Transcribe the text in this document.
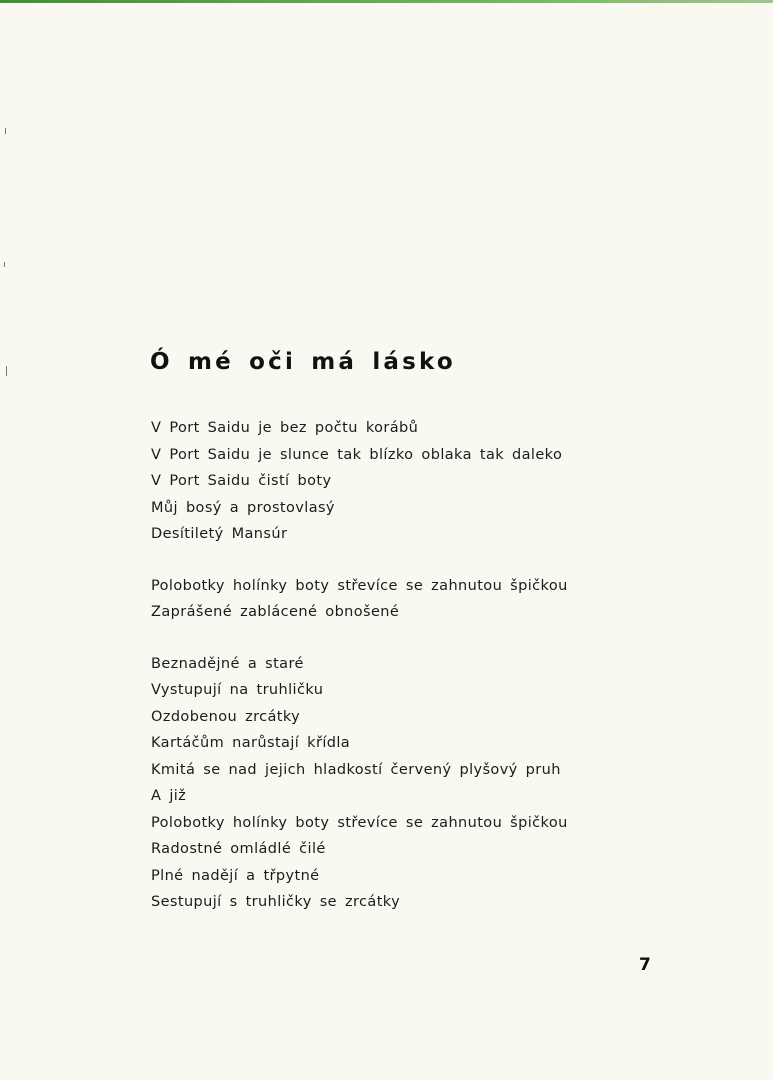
Ó mé oči má lásko
V Port Saidu je bez počtu korábů
V Port Saidu je slunce tak blízko oblaka tak daleko
V Port Saidu čistí boty
Můj bosý a prostovlasý
Desítiletý Mansúr
Polobotky holínky boty střevíce se zahnutou špičkou
Zaprášené zablácené obnošené
Beznadějné a staré
Vystupují na truhličku
Ozdobenou zrcátky
Kartáčům narůstají křídla
Kmitá se nad jejich hladkostí červený plyšový pruh
A již
Polobotky holínky boty střevíce se zahnutou špičkou
Radostné omládlé čilé
Plné nadějí a třpytné
Sestupují s truhličky se zrcátky
7
